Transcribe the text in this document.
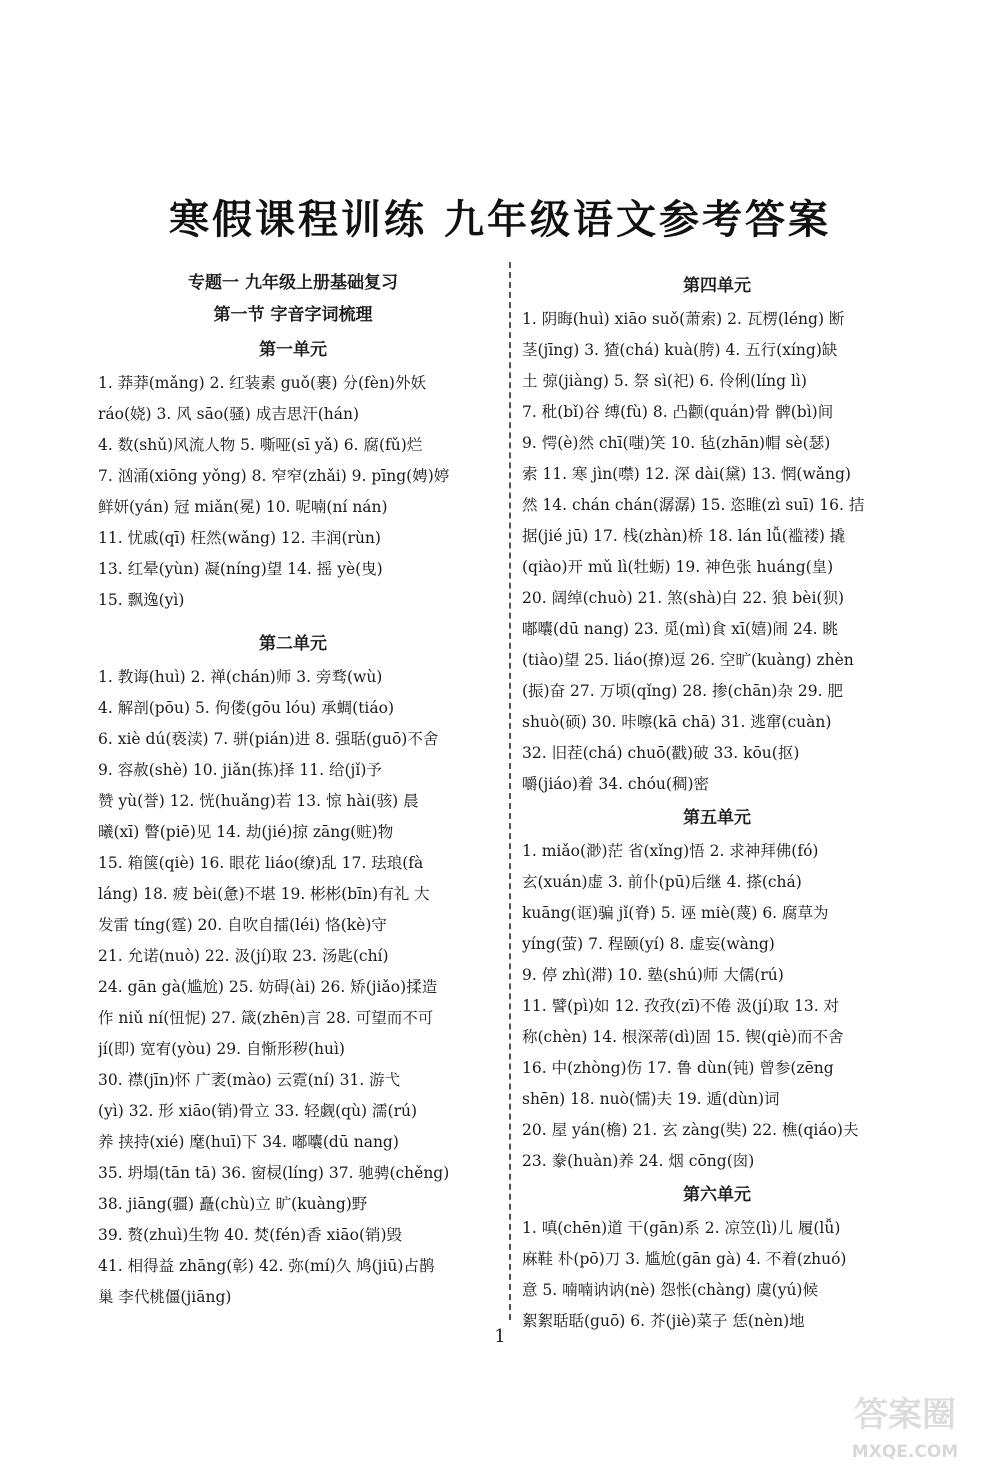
寒假课程训练 九年级语文参考答案
专题一 九年级上册基础复习
第一节 字音字词梳理
第一单元
1. 莽莽(mǎng) 2. 红装素 guǒ(裹) 分(fèn)外妖
ráo(娆) 3. 风 sāo(骚) 成吉思汗(hán)
4. 数(shǔ)风流人物 5. 嘶哑(sī yǎ) 6. 腐(fǔ)烂
7. 汹涌(xiōng yǒng) 8. 窄窄(zhǎi) 9. pīng(娉)婷
鲜妍(yán) 冠 miǎn(冕) 10. 呢喃(ní nán)
11. 忧戚(qī) 枉然(wǎng) 12. 丰润(rùn)
13. 红晕(yùn) 凝(níng)望 14. 摇 yè(曳)
15. 飘逸(yì)
第二单元
1. 教诲(huì) 2. 禅(chán)师 3. 旁骛(wù)
4. 解剖(pōu) 5. 佝偻(gōu lóu) 承蜩(tiáo)
6. xiè dú(亵渎) 7. 骈(pián)进 8. 强聒(guō)不舍
9. 容赦(shè) 10. jiǎn(拣)择 11. 给(jǐ)予
赞 yù(誉) 12. 恍(huǎng)若 13. 惊 hài(骇) 晨
曦(xī) 瞥(piē)见 14. 劫(jié)掠 zāng(赃)物
15. 箱箧(qiè) 16. 眼花 liáo(缭)乱 17. 珐琅(fà
láng) 18. 疲 bèi(惫)不堪 19. 彬彬(bīn)有礼 大
发雷 tíng(霆) 20. 自吹自擂(léi) 恪(kè)守
21. 允诺(nuò) 22. 汲(jí)取 23. 汤匙(chí)
24. gān gà(尴尬) 25. 妨碍(ài) 26. 矫(jiǎo)揉造
作 niǔ ní(忸怩) 27. 箴(zhēn)言 28. 可望而不可
jí(即) 宽宥(yòu) 29. 自惭形秽(huì)
30. 襟(jīn)怀 广袤(mào) 云霓(ní) 31. 游弋
(yì) 32. 形 xiāo(销)骨立 33. 轻觑(qù) 濡(rú)
养 挟持(xié) 麾(huī)下 34. 嘟囔(dū nang)
35. 坍塌(tān tā) 36. 窗棂(líng) 37. 驰骋(chěng)
38. jiāng(疆) 矗(chù)立 旷(kuàng)野
39. 赘(zhuì)生物 40. 焚(fén)香 xiāo(销)毁
41. 相得益 zhāng(彰) 42. 弥(mí)久 鸠(jiū)占鹊
巢 李代桃僵(jiāng)
第四单元
1. 阴晦(huì) xiāo suǒ(萧索) 2. 瓦楞(léng) 断
茎(jīng) 3. 猹(chá) kuà(胯) 4. 五行(xíng)缺
土 弶(jiàng) 5. 祭 sì(祀) 6. 伶俐(líng lì)
7. 秕(bǐ)谷 缚(fù) 8. 凸颧(quán)骨 髀(bì)间
9. 愕(è)然 chī(嗤)笑 10. 毡(zhān)帽 sè(瑟)
索 11. 寒 jìn(噤) 12. 深 dài(黛) 13. 惘(wǎng)
然 14. chán chán(潺潺) 15. 恣睢(zì suī) 16. 拮
据(jié jū) 17. 栈(zhàn)桥 18. lán lǚ(褴褛) 撬
(qiào)开 mǔ lì(牡蛎) 19. 神色张 huáng(皇)
20. 阔绰(chuò) 21. 煞(shà)白 22. 狼 bèi(狈)
嘟囔(dū nang) 23. 觅(mì)食 xī(嬉)闹 24. 眺
(tiào)望 25. liáo(撩)逗 26. 空旷(kuàng) zhèn
(振)奋 27. 万顷(qǐng) 28. 掺(chān)杂 29. 肥
shuò(硕) 30. 咔嚓(kā chā) 31. 逃窜(cuàn)
32. 旧茬(chá) chuō(戳)破 33. kōu(抠)
嚼(jiáo)着 34. chóu(稠)密
第五单元
1. miǎo(渺)茫 省(xǐng)悟 2. 求神拜佛(fó)
玄(xuán)虚 3. 前仆(pū)后继 4. 搽(chá)
kuāng(诓)骗 jǐ(脊) 5. 诬 miè(蔑) 6. 腐草为
yíng(萤) 7. 程颐(yí) 8. 虚妄(wàng)
9. 停 zhì(滞) 10. 塾(shú)师 大儒(rú)
11. 譬(pì)如 12. 孜孜(zī)不倦 汲(jí)取 13. 对
称(chèn) 14. 根深蒂(dì)固 15. 锲(qiè)而不舍
16. 中(zhòng)伤 17. 鲁 dùn(钝) 曾参(zēng
shēn) 18. nuò(懦)夫 19. 遁(dùn)词
20. 屋 yán(檐) 21. 玄 zàng(奘) 22. 樵(qiáo)夫
23. 豢(huàn)养 24. 烟 cōng(囱)
第六单元
1. 嗔(chēn)道 干(gān)系 2. 凉笠(lì)儿 履(lǚ)
麻鞋 朴(pō)刀 3. 尴尬(gān gà) 4. 不着(zhuó)
意 5. 喃喃讷讷(nè) 怨怅(chàng) 虞(yú)候
絮絮聒聒(guō) 6. 芥(jiè)菜子 恁(nèn)地
1
答案圈
MXQE.COM
